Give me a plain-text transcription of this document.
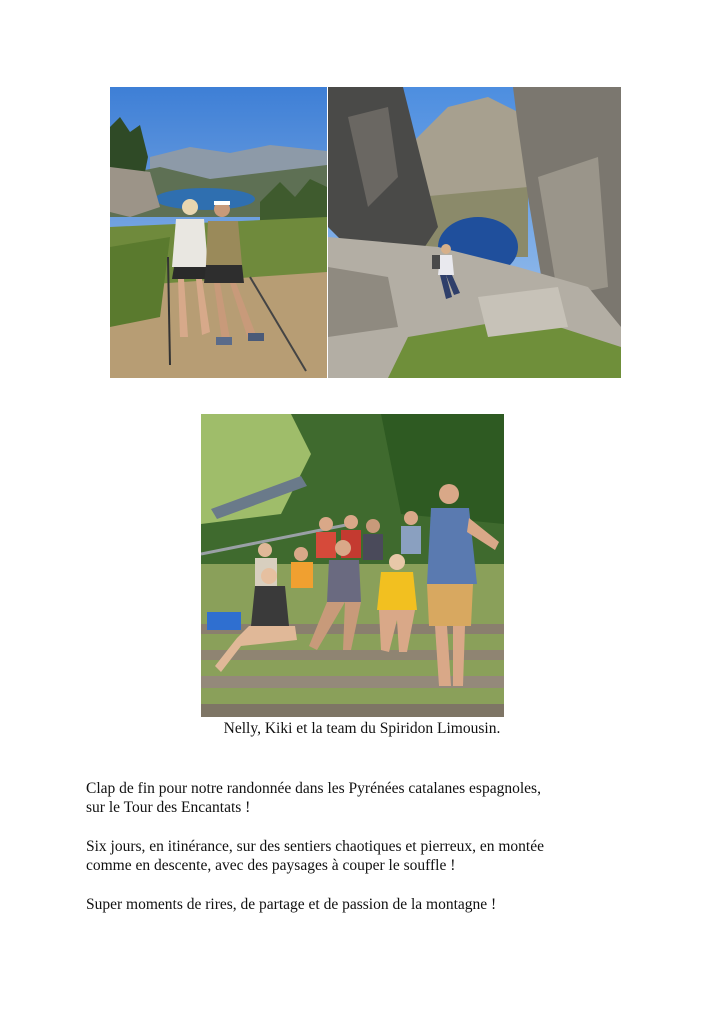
Nelly, Kiki et la team du Spiridon Limousin.

Clap de fin pour notre randonnée dans les Pyrénées catalanes espagnoles,
sur le Tour des Encantats !

Six jours, en itinérance, sur des sentiers chaotiques et pierreux, en montée
comme en descente, avec des paysages à couper le souffle !

Super moments de rires, de partage et de passion de la montagne !
